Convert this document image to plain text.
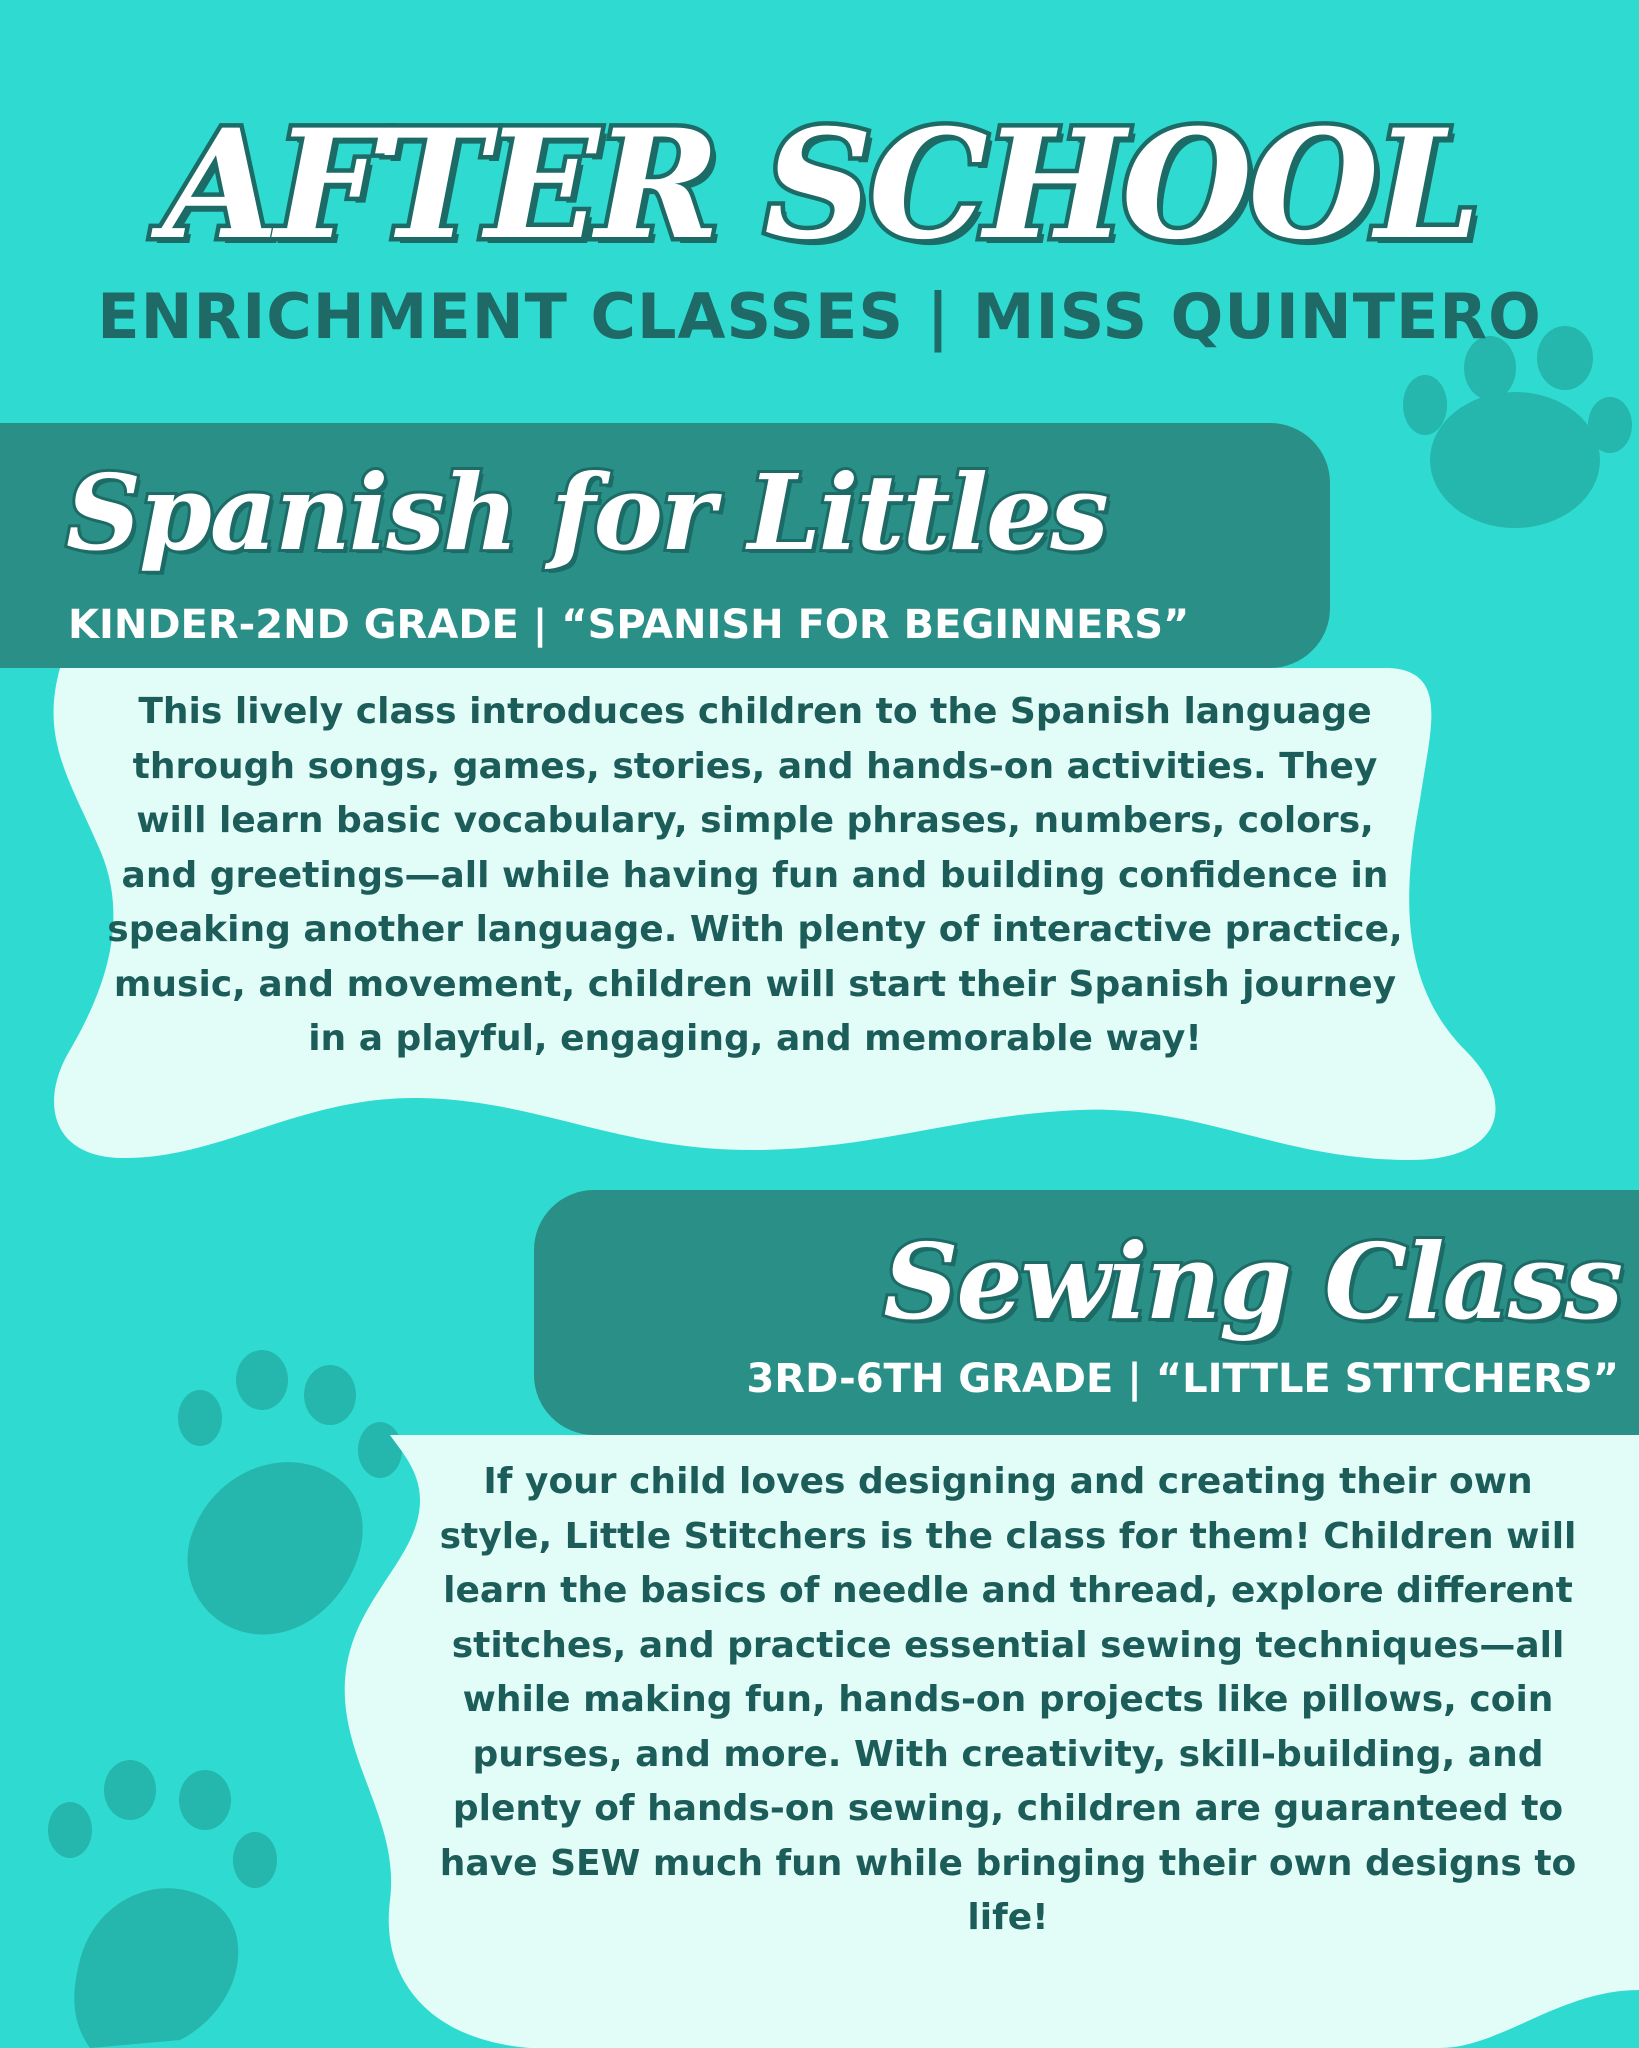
AFTER SCHOOL
ENRICHMENT CLASSES | MISS QUINTERO
Spanish for Littles

KINDER-2ND GRADE | “SPANISH FOR BEGINNERS”

This lively class introduces children to the Spanish language through songs, games, stories, and hands-on activities. They will learn basic vocabulary, simple phrases, numbers, colors, and greetings—all while having fun and building confidence in speaking another language. With plenty of interactive practice, music, and movement, children will start their Spanish journey in a playful, engaging, and memorable way!

Sewing Class

3RD-6TH GRADE | “LITTLE STITCHERS”

If your child loves designing and creating their own style, Little Stitchers is the class for them! Children will learn the basics of needle and thread, explore different stitches, and practice essential sewing techniques—all while making fun, hands-on projects like pillows, coin purses, and more. With creativity, skill-building, and plenty of hands-on sewing, children are guaranteed to have SEW much fun while bringing their own designs to life!
